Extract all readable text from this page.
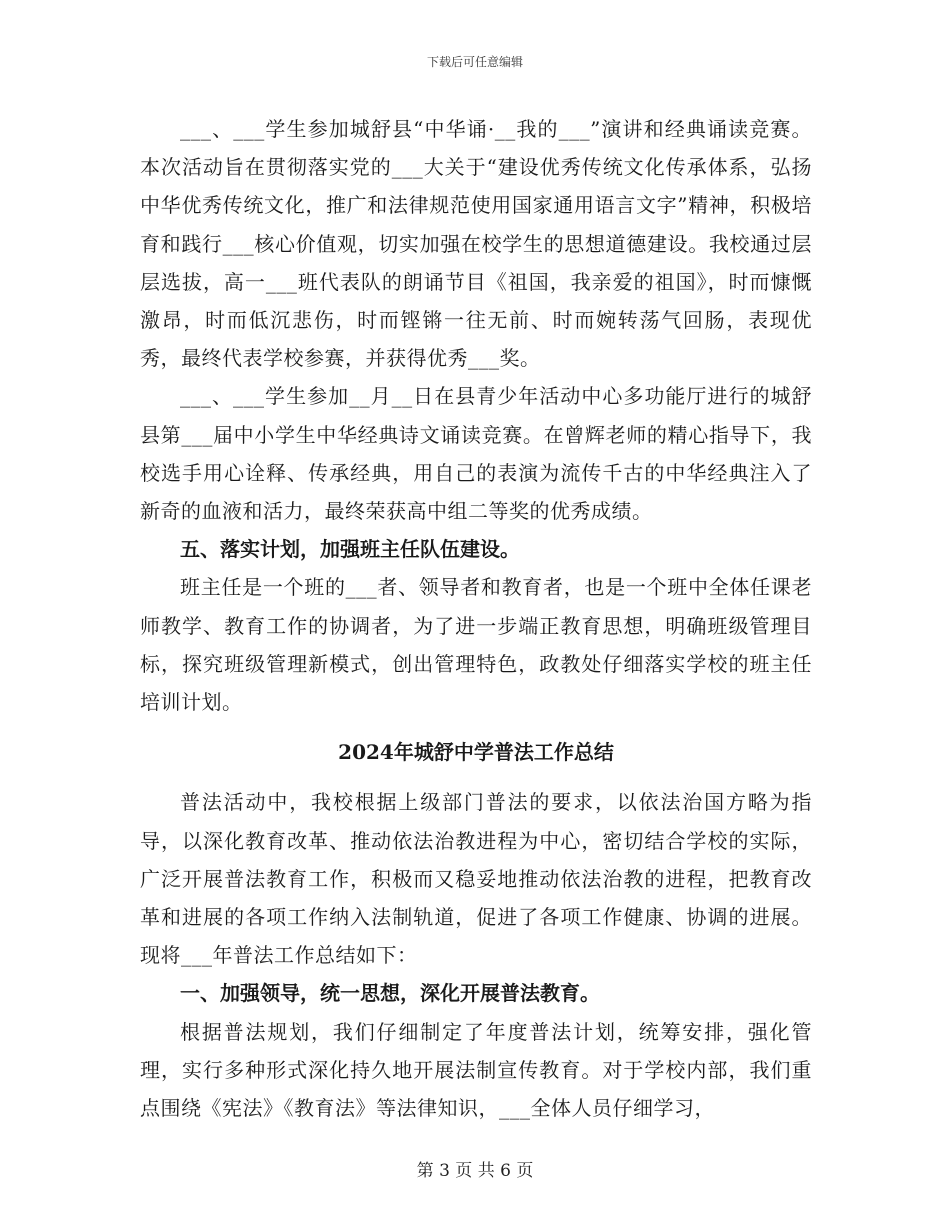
下载后可任意编辑

___、___学生参加城舒县“中华诵·__我的___”演讲和经典诵读竞赛。本次活动旨在贯彻落实党的___大关于“建设优秀传统文化传承体系，弘扬中华优秀传统文化，推广和法律规范使用国家通用语言文字”精神，积极培育和践行___核心价值观，切实加强在校学生的思想道德建设。我校通过层层选拔，高一___班代表队的朗诵节目《祖国，我亲爱的祖国》，时而慷慨激昂，时而低沉悲伤，时而铿锵一往无前、时而婉转荡气回肠，表现优秀，最终代表学校参赛，并获得优秀___奖。

___、___学生参加__月__日在县青少年活动中心多功能厅进行的城舒县第___届中小学生中华经典诗文诵读竞赛。在曾辉老师的精心指导下，我校选手用心诠释、传承经典，用自己的表演为流传千古的中华经典注入了新奇的血液和活力，最终荣获高中组二等奖的优秀成绩。

五、落实计划，加强班主任队伍建设。

班主任是一个班的___者、领导者和教育者，也是一个班中全体任课老师教学、教育工作的协调者，为了进一步端正教育思想，明确班级管理目标，探究班级管理新模式，创出管理特色，政教处仔细落实学校的班主任培训计划。

2024年城舒中学普法工作总结

普法活动中，我校根据上级部门普法的要求，以依法治国方略为指导，以深化教育改革、推动依法治教进程为中心，密切结合学校的实际，广泛开展普法教育工作，积极而又稳妥地推动依法治教的进程，把教育改革和进展的各项工作纳入法制轨道，促进了各项工作健康、协调的进展。现将___年普法工作总结如下：

一、加强领导，统一思想，深化开展普法教育。

根据普法规划，我们仔细制定了年度普法计划，统筹安排，强化管理，实行多种形式深化持久地开展法制宣传教育。对于学校内部，我们重点围绕《宪法》《教育法》等法律知识，___全体人员仔细学习，

第 3 页 共 6 页
